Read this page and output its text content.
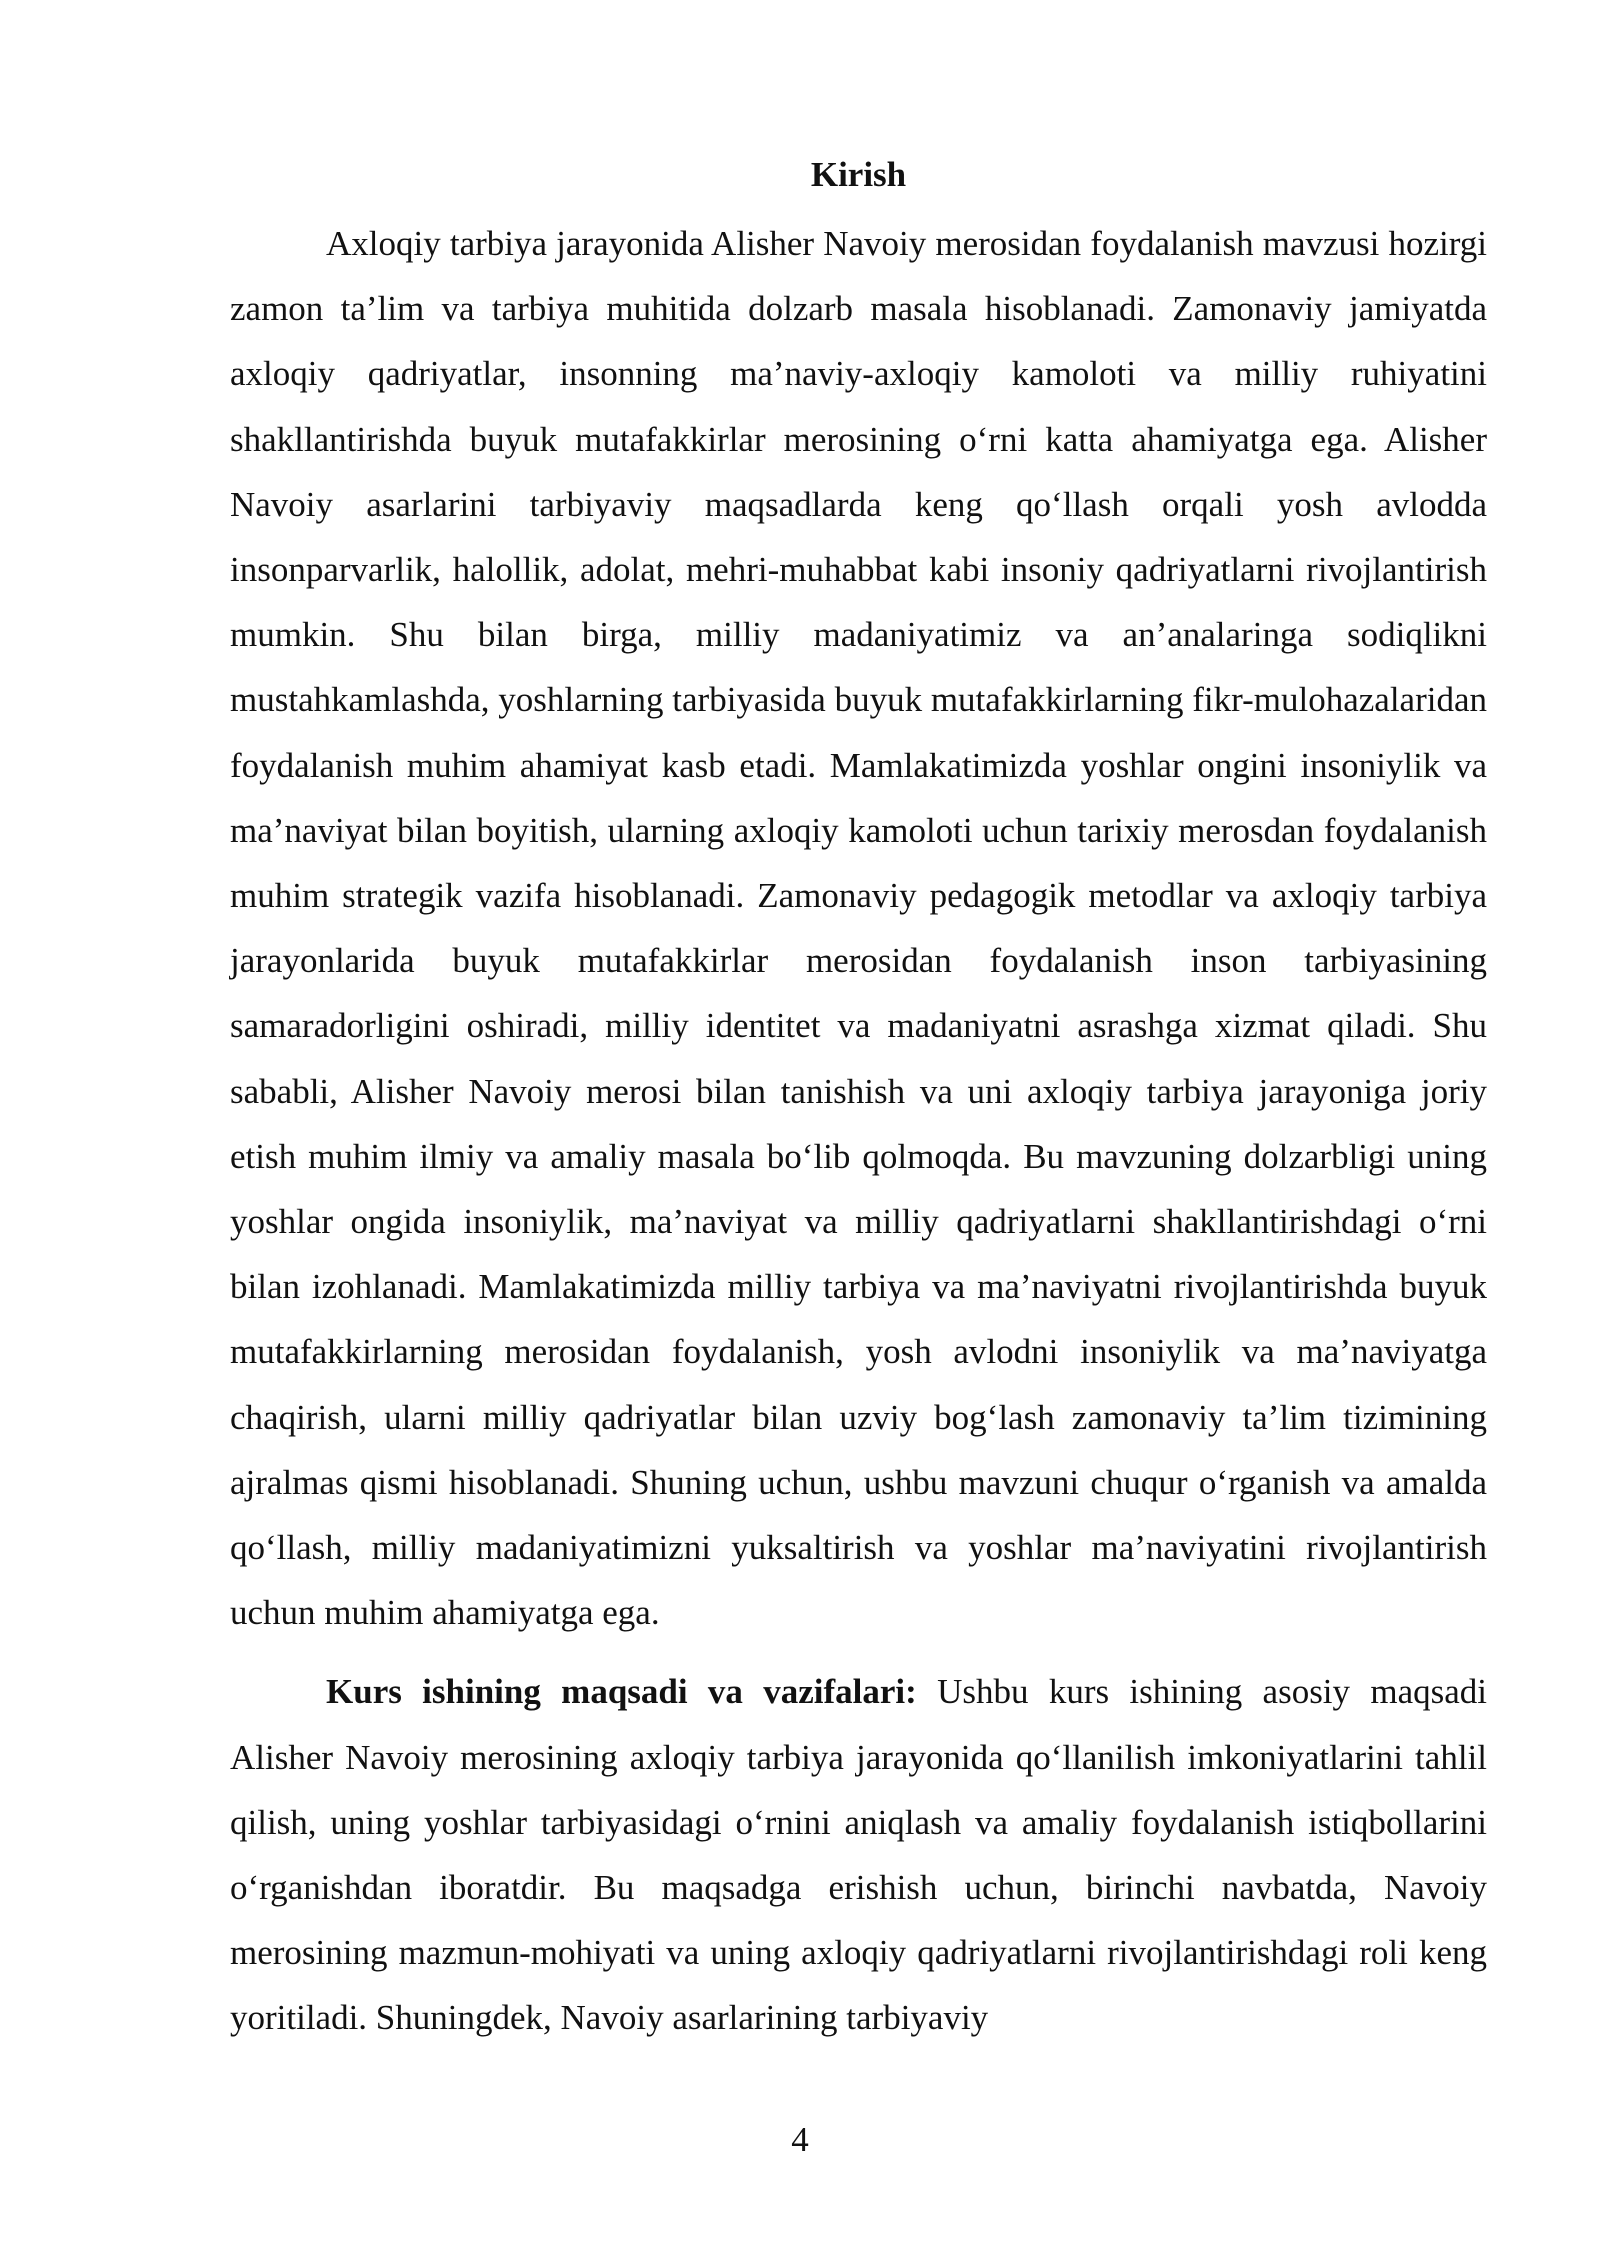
Kirish

Axloqiy tarbiya jarayonida Alisher Navoiy merosidan foydalanish mavzusi hozirgi zamon ta’lim va tarbiya muhitida dolzarb masala hisoblanadi. Zamonaviy jamiyatda axloqiy qadriyatlar, insonning ma’naviy-axloqiy kamoloti va milliy ruhiyatini shakllantirishda buyuk mutafakkirlar merosining o‘rni katta ahamiyatga ega. Alisher Navoiy asarlarini tarbiyaviy maqsadlarda keng qo‘llash orqali yosh avlodda insonparvarlik, halollik, adolat, mehri-muhabbat kabi insoniy qadriyatlarni rivojlantirish mumkin. Shu bilan birga, milliy madaniyatimiz va an’analaringa sodiqlikni mustahkamlashda, yoshlarning tarbiyasida buyuk mutafakkirlarning fikr-mulohazalaridan foydalanish muhim ahamiyat kasb etadi. Mamlakatimizda yoshlar ongini insoniylik va ma’naviyat bilan boyitish, ularning axloqiy kamoloti uchun tarixiy merosdan foydalanish muhim strategik vazifa hisoblanadi. Zamonaviy pedagogik metodlar va axloqiy tarbiya jarayonlarida buyuk mutafakkirlar merosidan foydalanish inson tarbiyasining samaradorligini oshiradi, milliy identitet va madaniyatni asrashga xizmat qiladi. Shu sababli, Alisher Navoiy merosi bilan tanishish va uni axloqiy tarbiya jarayoniga joriy etish muhim ilmiy va amaliy masala bo‘lib qolmoqda. Bu mavzuning dolzarbligi uning yoshlar ongida insoniylik, ma’naviyat va milliy qadriyatlarni shakllantirishdagi o‘rni bilan izohlanadi. Mamlakatimizda milliy tarbiya va ma’naviyatni rivojlantirishda buyuk mutafakkirlarning merosidan foydalanish, yosh avlodni insoniylik va ma’naviyatga chaqirish, ularni milliy qadriyatlar bilan uzviy bog‘lash zamonaviy ta’lim tizimining ajralmas qismi hisoblanadi. Shuning uchun, ushbu mavzuni chuqur o‘rganish va amalda qo‘llash, milliy madaniyatimizni yuksaltirish va yoshlar ma’naviyatini rivojlantirish uchun muhim ahamiyatga ega.

Kurs ishining maqsadi va vazifalari: Ushbu kurs ishining asosiy maqsadi Alisher Navoiy merosining axloqiy tarbiya jarayonida qo‘llanilish imkoniyatlarini tahlil qilish, uning yoshlar tarbiyasidagi o‘rnini aniqlash va amaliy foydalanish istiqbollarini o‘rganishdan iboratdir. Bu maqsadga erishish uchun, birinchi navbatda, Navoiy merosining mazmun-mohiyati va uning axloqiy qadriyatlarni rivojlantirishdagi roli keng yoritiladi. Shuningdek, Navoiy asarlarining tarbiyaviy

4
